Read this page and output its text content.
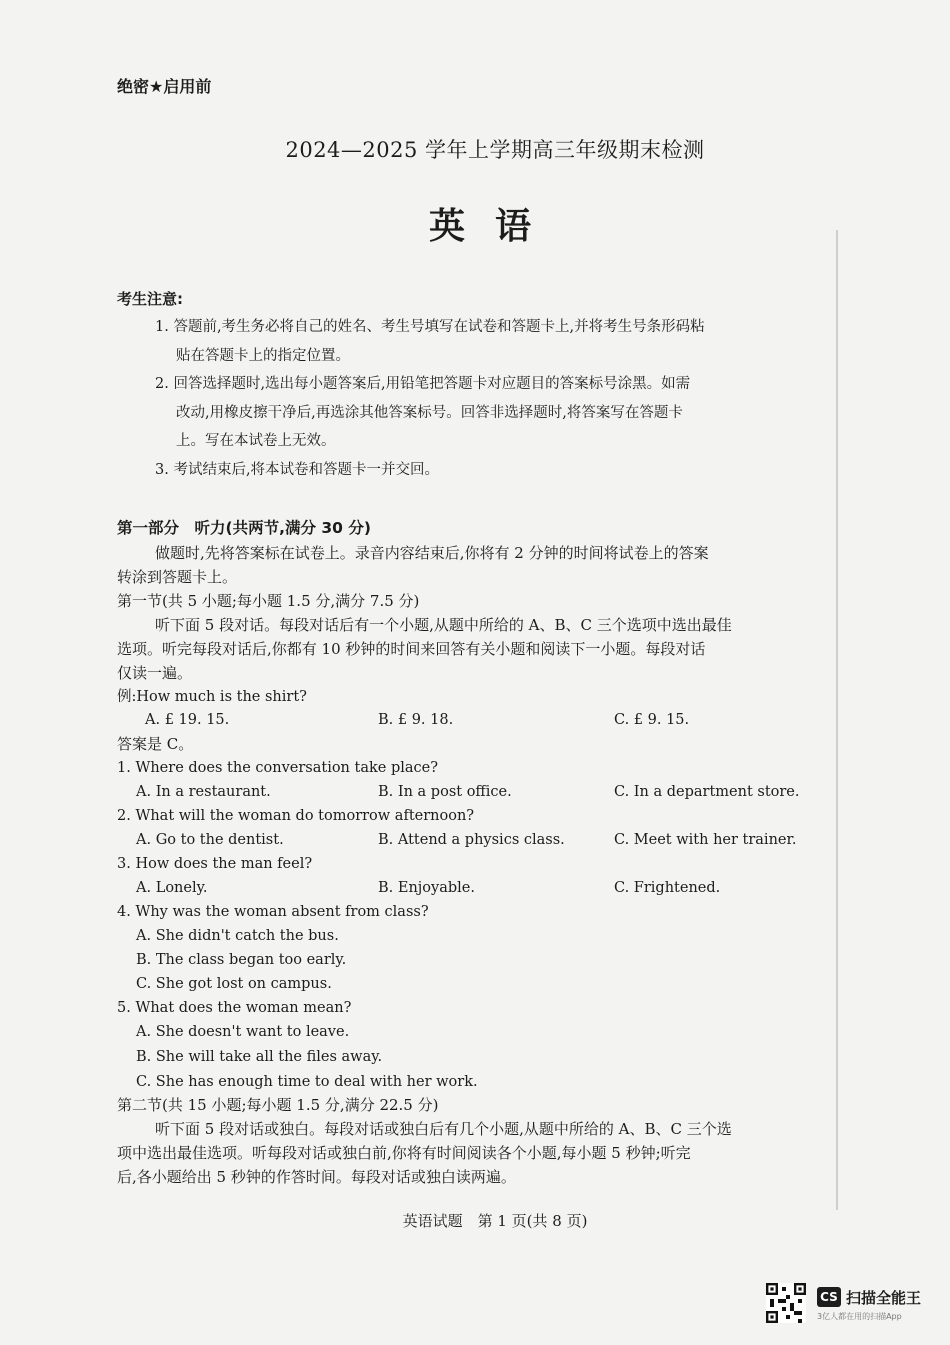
绝密★启用前
2024—2025 学年上学期高三年级期末检测
英语
考生注意:
1. 答题前,考生务必将自己的姓名、考生号填写在试卷和答题卡上,并将考生号条形码粘
贴在答题卡上的指定位置。
2. 回答选择题时,选出每小题答案后,用铅笔把答题卡对应题目的答案标号涂黑。如需
改动,用橡皮擦干净后,再选涂其他答案标号。回答非选择题时,将答案写在答题卡
上。写在本试卷上无效。
3. 考试结束后,将本试卷和答题卡一并交回。
第一部分　听力(共两节,满分 30 分)
做题时,先将答案标在试卷上。录音内容结束后,你将有 2 分钟的时间将试卷上的答案
转涂到答题卡上。
第一节(共 5 小题;每小题 1.5 分,满分 7.5 分)
听下面 5 段对话。每段对话后有一个小题,从题中所给的 A、B、C 三个选项中选出最佳
选项。听完每段对话后,你都有 10 秒钟的时间来回答有关小题和阅读下一小题。每段对话
仅读一遍。
例:How much is the shirt?
A. £ 19. 15.	B. £ 9. 18.	C. £ 9. 15.
答案是 C。
1. Where does the conversation take place?
A. In a restaurant.	B. In a post office.	C. In a department store.
2. What will the woman do tomorrow afternoon?
A. Go to the dentist.	B. Attend a physics class.	C. Meet with her trainer.
3. How does the man feel?
A. Lonely.	B. Enjoyable.	C. Frightened.
4. Why was the woman absent from class?
A. She didn't catch the bus.
B. The class began too early.
C. She got lost on campus.
5. What does the woman mean?
A. She doesn't want to leave.
B. She will take all the files away.
C. She has enough time to deal with her work.
第二节(共 15 小题;每小题 1.5 分,满分 22.5 分)
听下面 5 段对话或独白。每段对话或独白后有几个小题,从题中所给的 A、B、C 三个选
项中选出最佳选项。听每段对话或独白前,你将有时间阅读各个小题,每小题 5 秒钟;听完
后,各小题给出 5 秒钟的作答时间。每段对话或独白读两遍。
英语试题　第 1 页(共 8 页)
CS 扫描全能王
3亿人都在用的扫描App
